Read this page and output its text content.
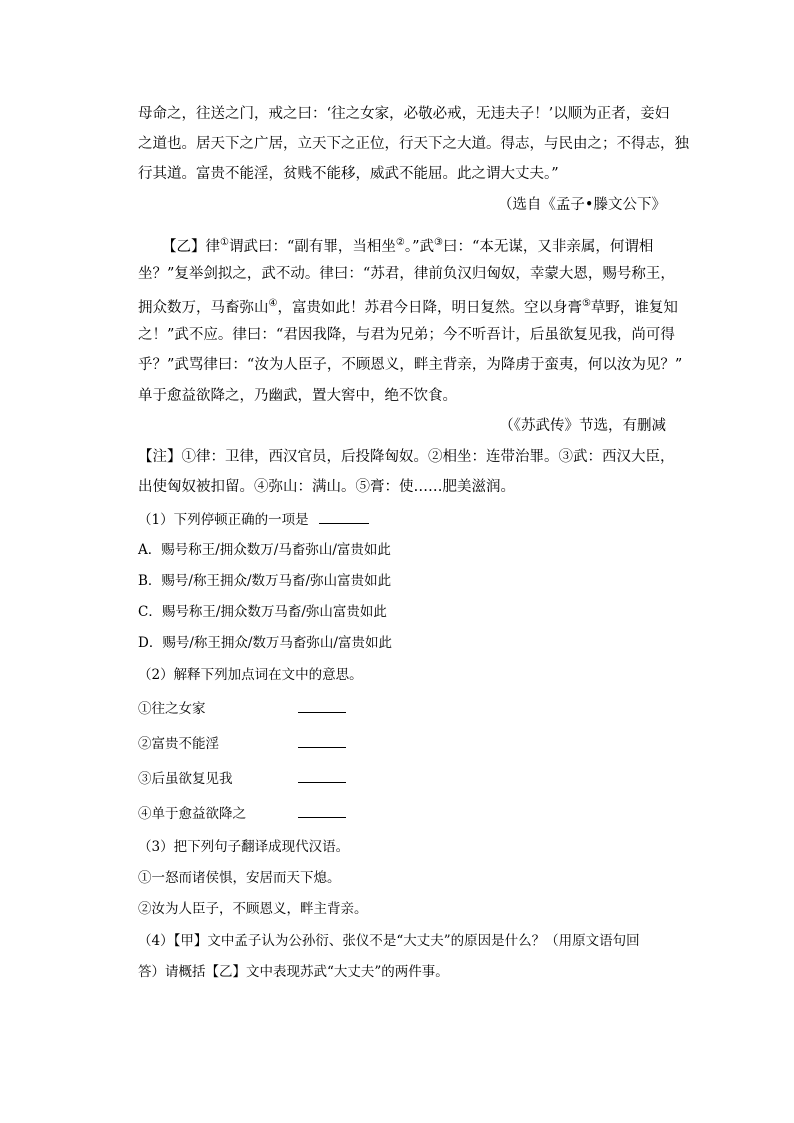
母命之，往送之门，戒之曰：‘往之女家，必敬必戒，无违夫子！’以顺为正者，妾妇
之道也。居天下之广居，立天下之正位，行天下之大道。得志，与民由之；不得志，独
行其道。富贵不能淫，贫贱不能移，威武不能屈。此之谓大丈夫。”
（选自《孟子•滕文公下》
【乙】律①谓武曰：“副有罪，当相坐②。”武③曰：“本无谋，又非亲属，何谓相
坐？”复举剑拟之，武不动。律曰：“苏君，律前负汉归匈奴，幸蒙大恩，赐号称王，
拥众数万，马畜弥山④，富贵如此！苏君今日降，明日复然。空以身膏⑤草野，谁复知
之！”武不应。律曰：“君因我降，与君为兄弟；今不听吾计，后虽欲复见我，尚可得
乎？”武骂律曰：“汝为人臣子，不顾恩义，畔主背亲，为降虏于蛮夷，何以汝为见？”
单于愈益欲降之，乃幽武，置大窖中，绝不饮食。
（《苏武传》节选，有删减
【注】①律：卫律，西汉官员，后投降匈奴。②相坐：连带治罪。③武：西汉大臣，
出使匈奴被扣留。④弥山：满山。⑤膏：使……肥美滋润。
（1）下列停顿正确的一项是
A．赐号称王/拥众数万/马畜弥山/富贵如此
B．赐号/称王拥众/数万马畜/弥山富贵如此
C．赐号称王/拥众数万马畜/弥山富贵如此
D．赐号/称王拥众/数万马畜弥山/富贵如此
（2）解释下列加点词在文中的意思。
①往之女家
②富贵不能淫
③后虽欲复见我
④单于愈益欲降之
（3）把下列句子翻译成现代汉语。
①一怒而诸侯惧，安居而天下熄。
②汝为人臣子，不顾恩义，畔主背亲。
（4）【甲】文中孟子认为公孙衍、张仪不是“大丈夫”的原因是什么？（用原文语句回
答）请概括【乙】文中表现苏武“大丈夫”的两件事。
